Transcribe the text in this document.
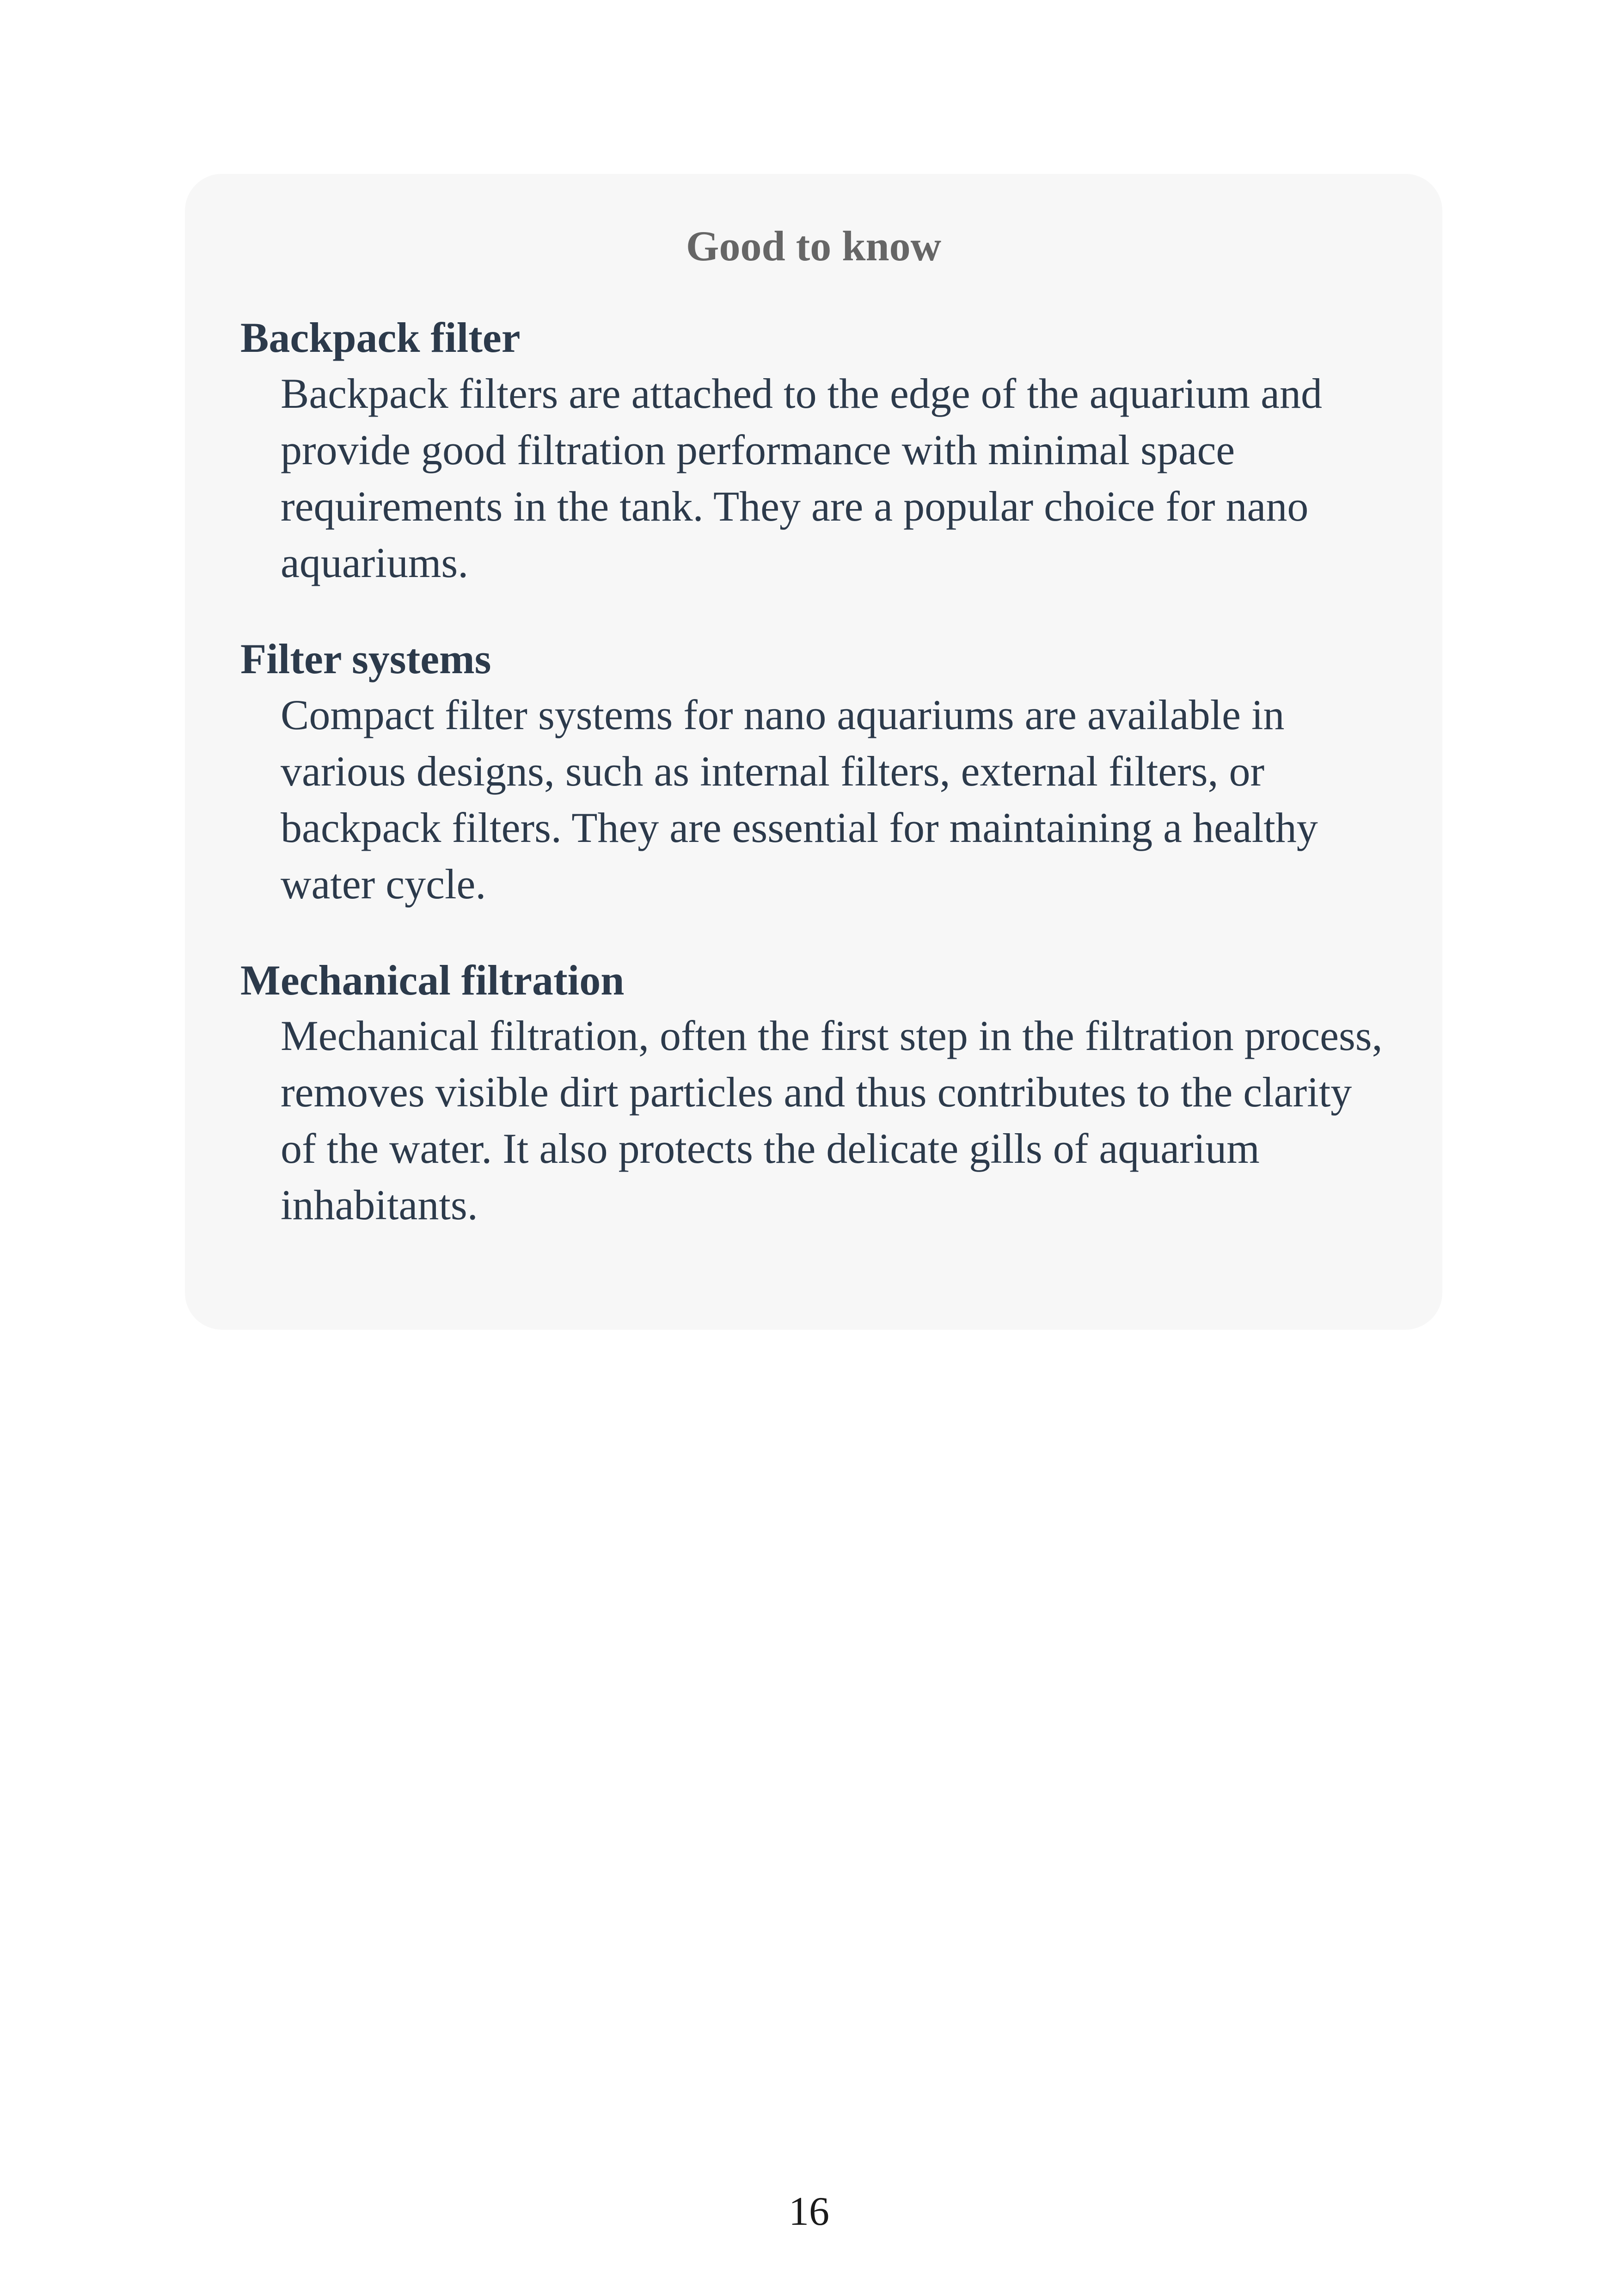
Good to know
Backpack filter
Backpack filters are attached to the edge of the aquarium and provide good filtration performance with minimal space requirements in the tank. They are a popular choice for nano aquariums.
Filter systems
Compact filter systems for nano aquariums are available in various designs, such as internal filters, external filters, or backpack filters. They are essential for maintaining a healthy water cycle.
Mechanical filtration
Mechanical filtration, often the first step in the filtration process, removes visible dirt particles and thus contributes to the clarity of the water. It also protects the delicate gills of aquarium inhabitants.
16
